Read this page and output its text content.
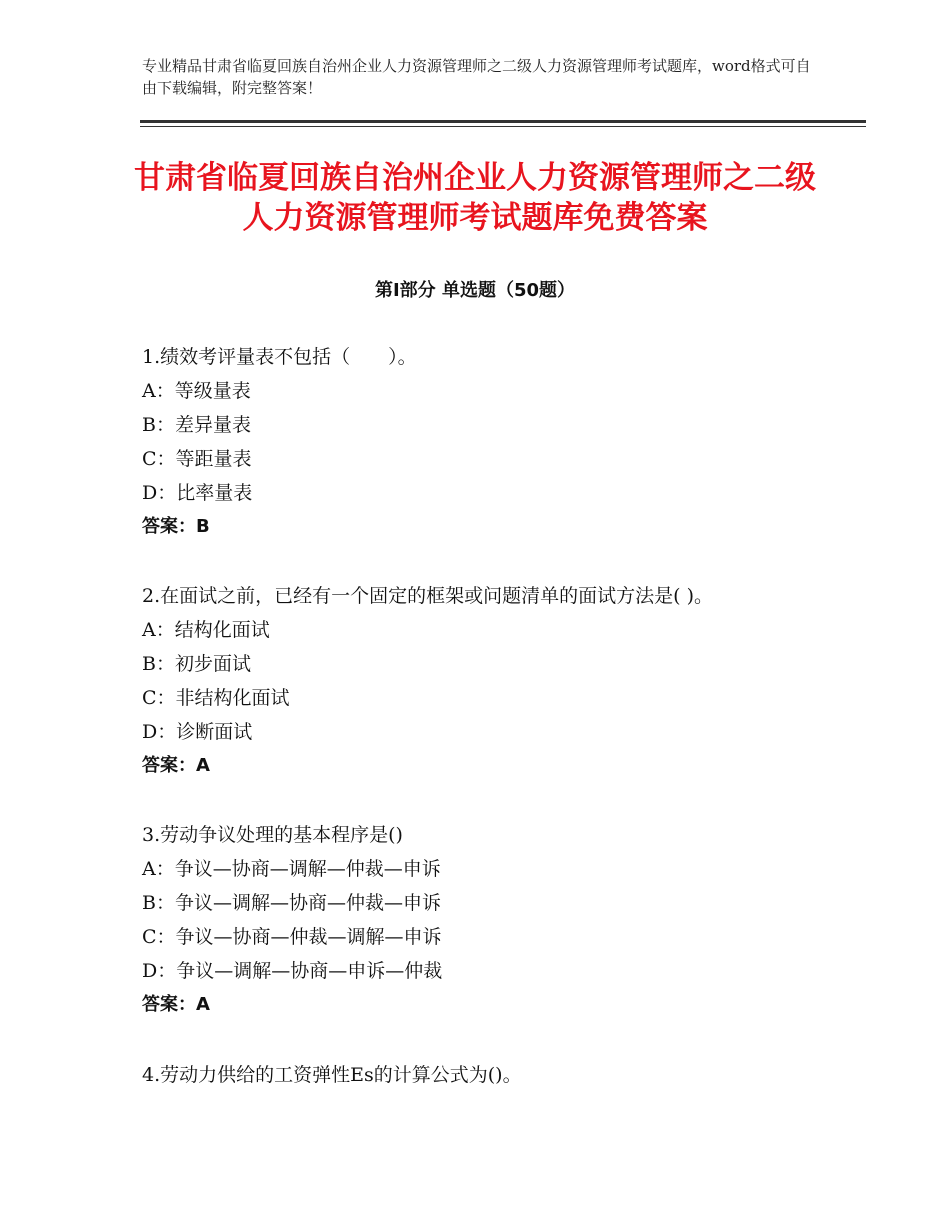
专业精品甘肃省临夏回族自治州企业人力资源管理师之二级人力资源管理师考试题库，word格式可自由下载编辑，附完整答案！
甘肃省临夏回族自治州企业人力资源管理师之二级人力资源管理师考试题库免费答案
第Ⅰ部分 单选题（50题）
1.绩效考评量表不包括（　　）。
A：等级量表
B：差异量表
C：等距量表
D：比率量表
答案：B
2.在面试之前，已经有一个固定的框架或问题清单的面试方法是( )。
A：结构化面试
B：初步面试
C：非结构化面试
D：诊断面试
答案：A
3.劳动争议处理的基本程序是()
A：争议—协商—调解—仲裁—申诉
B：争议—调解—协商—仲裁—申诉
C：争议—协商—仲裁—调解—申诉
D：争议—调解—协商—申诉—仲裁
答案：A
4.劳动力供给的工资弹性Es的计算公式为()。
